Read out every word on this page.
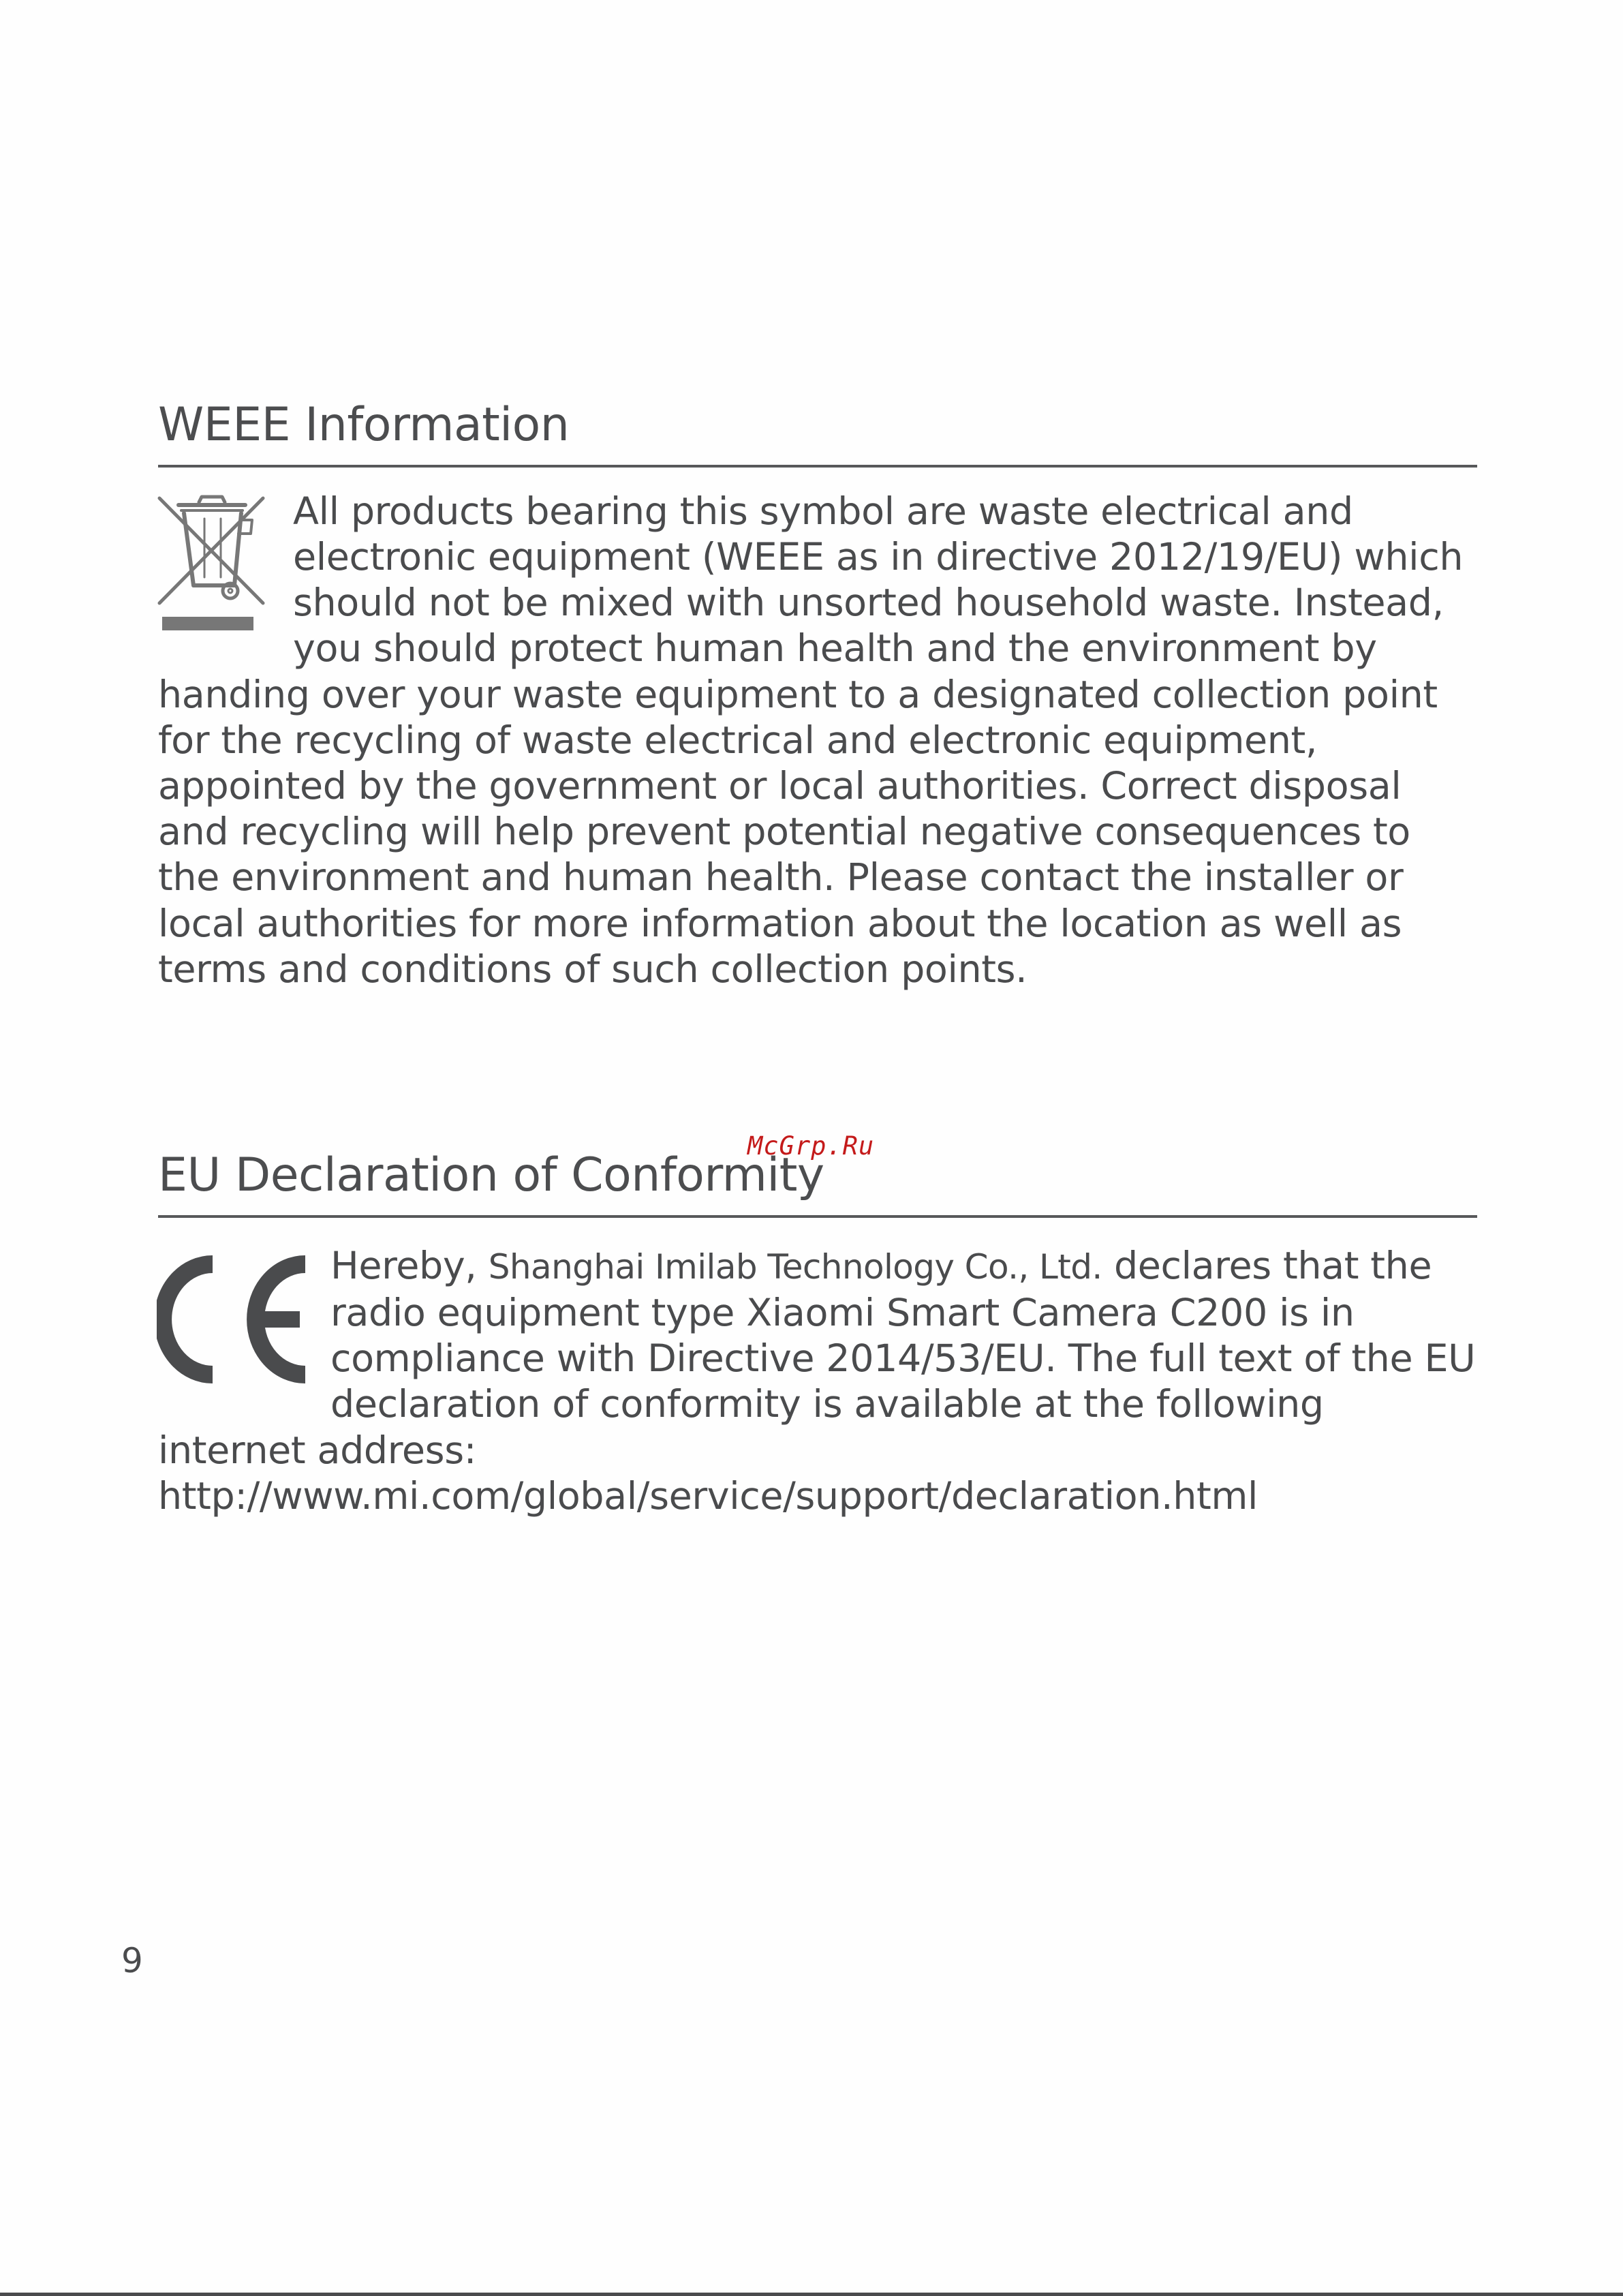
McGrp.Ru
WEEE Information

All products bearing this symbol are waste electrical and electronic equipment (WEEE as in directive 2012/19/EU) which should not be mixed with unsorted household waste. Instead, you should protect human health and the environment by handing over your waste equipment to a designated collection point for the recycling of waste electrical and electronic equipment, appointed by the government or local authorities. Correct disposal and recycling will help prevent potential negative consequences to the environment and human health. Please contact the installer or local authorities for more information about the location as well as terms and conditions of such collection points.

EU Declaration of Conformity

Hereby, Shanghai Imilab Technology Co., Ltd. declares that the radio equipment type Xiaomi Smart Camera C200 is in compliance with Directive 2014/53/EU. The full text of the EU declaration of conformity is available at the following internet address: http://www.mi.com/global/service/support/declaration.html

9
